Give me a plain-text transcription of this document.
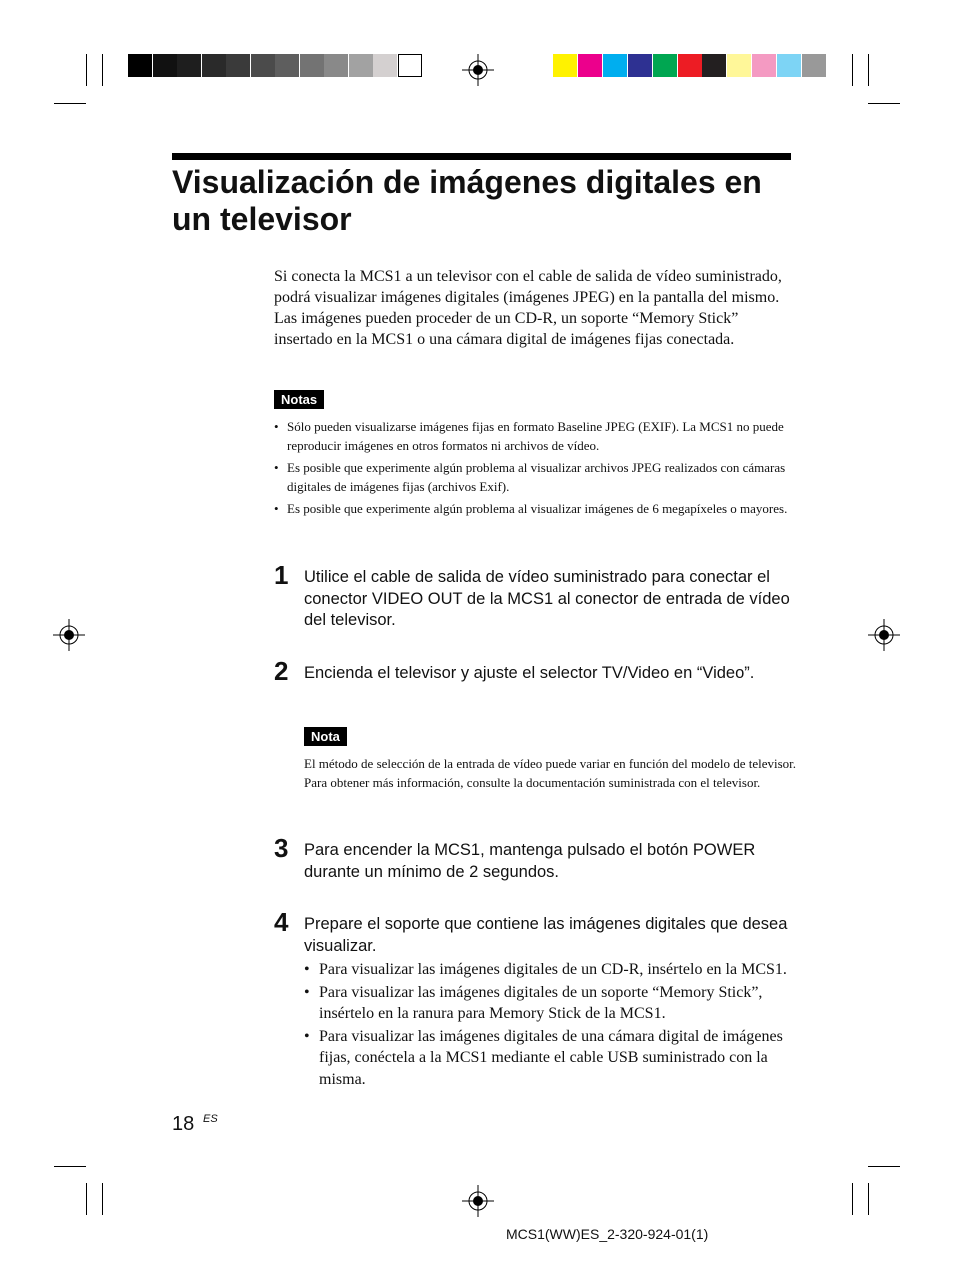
Visualización de imágenes digitales en un televisor

Si conecta la MCS1 a un televisor con el cable de salida de vídeo suministrado, podrá visualizar imágenes digitales (imágenes JPEG) en la pantalla del mismo. Las imágenes pueden proceder de un CD-R, un soporte “Memory Stick” insertado en la MCS1 o una cámara digital de imágenes fijas conectada.

Notas
• Sólo pueden visualizarse imágenes fijas en formato Baseline JPEG (EXIF). La MCS1 no puede reproducir imágenes en otros formatos ni archivos de vídeo.
• Es posible que experimente algún problema al visualizar archivos JPEG realizados con cámaras digitales de imágenes fijas (archivos Exif).
• Es posible que experimente algún problema al visualizar imágenes de 6 megapíxeles o mayores.
1 Utilice el cable de salida de vídeo suministrado para conectar el conector VIDEO OUT de la MCS1 al conector de entrada de vídeo del televisor.

2 Encienda el televisor y ajuste el selector TV/Video en “Video”.

Nota

El método de selección de la entrada de vídeo puede variar en función del modelo de televisor. Para obtener más información, consulte la documentación suministrada con el televisor.

3 Para encender la MCS1, mantenga pulsado el botón POWER durante un mínimo de 2 segundos.

4 Prepare el soporte que contiene las imágenes digitales que desea visualizar.

• Para visualizar las imágenes digitales de un CD-R, insértelo en la MCS1.
• Para visualizar las imágenes digitales de un soporte “Memory Stick”, insértelo en la ranura para Memory Stick de la MCS1.
• Para visualizar las imágenes digitales de una cámara digital de imágenes fijas, conéctela a la MCS1 mediante el cable USB suministrado con la misma.
18 ES
MCS1(WW)ES_2-320-924-01(1)
